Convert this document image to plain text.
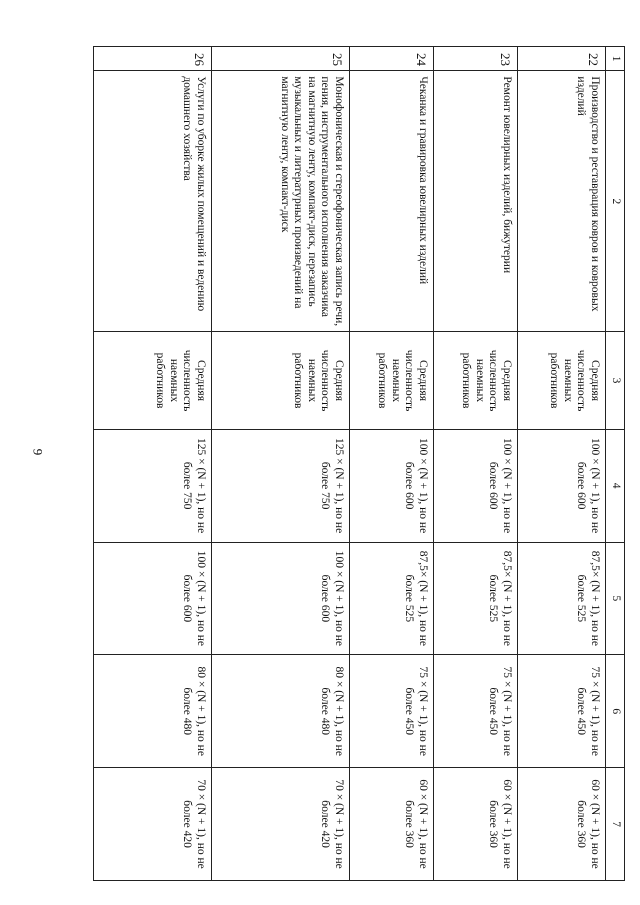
9
1	2	3	4	5	6	7
22	Производство и реставрация ковров и ковровых изделий	Средняя численность наемных работников	100 × (N + 1), но не более 600	87,5× (N + 1), но не более 525	75 × (N + 1), но не более 450	60 × (N + 1), но не более 360
23	Ремонт ювелирных изделий, бижутерии	Средняя численность наемных работников	100 × (N + 1), но не более 600	87,5× (N + 1), но не более 525	75 × (N + 1), но не более 450	60 × (N + 1), но не более 360
24	Чеканка и гравировка ювелирных изделий	Средняя численность наемных работников	100 × (N + 1), но не более 600	87,5× (N + 1), но не более 525	75 × (N + 1), но не более 450	60 × (N + 1), но не более 360
25	Монофоническая и стереофоническая запись речи, пения, инструментального исполнения заказчика на магнитную ленту, компакт-диск, перезапись музыкальных и литературных произведений на магнитную ленту, компакт-диск	Средняя численность наемных работников	125 × (N + 1), но не более 750	100 × (N + 1), но не более 600	80 × (N + 1), но не более 480	70 × (N + 1), но не более 420
26	Услуги по уборке жилых помещений и ведению домашнего хозяйства	Средняя численность наемных работников	125 × (N + 1), но не более 750	100 × (N + 1), но не более 600	80 × (N + 1), но не более 480	70 × (N + 1), но не более 420
